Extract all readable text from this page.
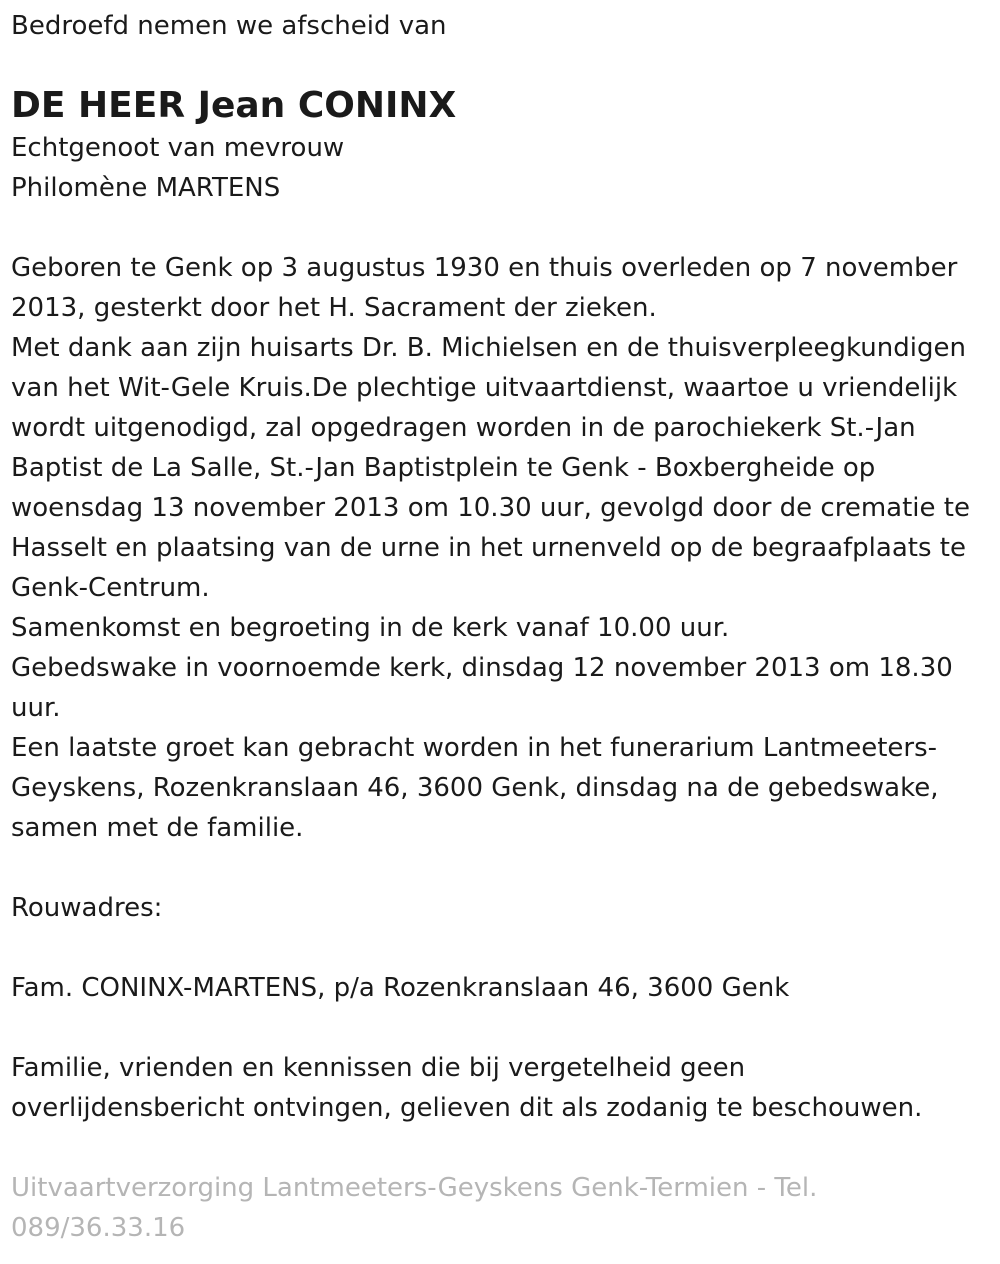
Bedroefd nemen we afscheid van

DE HEER Jean CONINX

Echtgenoot van mevrouw

Philomène MARTENS

Geboren te Genk op 3 augustus 1930 en thuis overleden op 7 november

2013, gesterkt door het H. Sacrament der zieken.

Met dank aan zijn huisarts Dr. B. Michielsen en de thuisverpleegkundigen

van het Wit-Gele Kruis.De plechtige uitvaartdienst, waartoe u vriendelijk

wordt uitgenodigd, zal opgedragen worden in de parochiekerk St.-Jan

Baptist de La Salle, St.-Jan Baptistplein te Genk - Boxbergheide op

woensdag 13 november 2013 om 10.30 uur, gevolgd door de crematie te

Hasselt en plaatsing van de urne in het urnenveld op de begraafplaats te

Genk-Centrum.

Samenkomst en begroeting in de kerk vanaf 10.00 uur.

Gebedswake in voornoemde kerk, dinsdag 12 november 2013 om 18.30

uur.

Een laatste groet kan gebracht worden in het funerarium Lantmeeters-

Geyskens, Rozenkranslaan 46, 3600 Genk, dinsdag na de gebedswake,

samen met de familie.

Rouwadres:

Fam. CONINX-MARTENS, p/a Rozenkranslaan 46, 3600 Genk

Familie, vrienden en kennissen die bij vergetelheid geen

overlijdensbericht ontvingen, gelieven dit als zodanig te beschouwen.

Uitvaartverzorging Lantmeeters-Geyskens Genk-Termien - Tel.

089/36.33.16
